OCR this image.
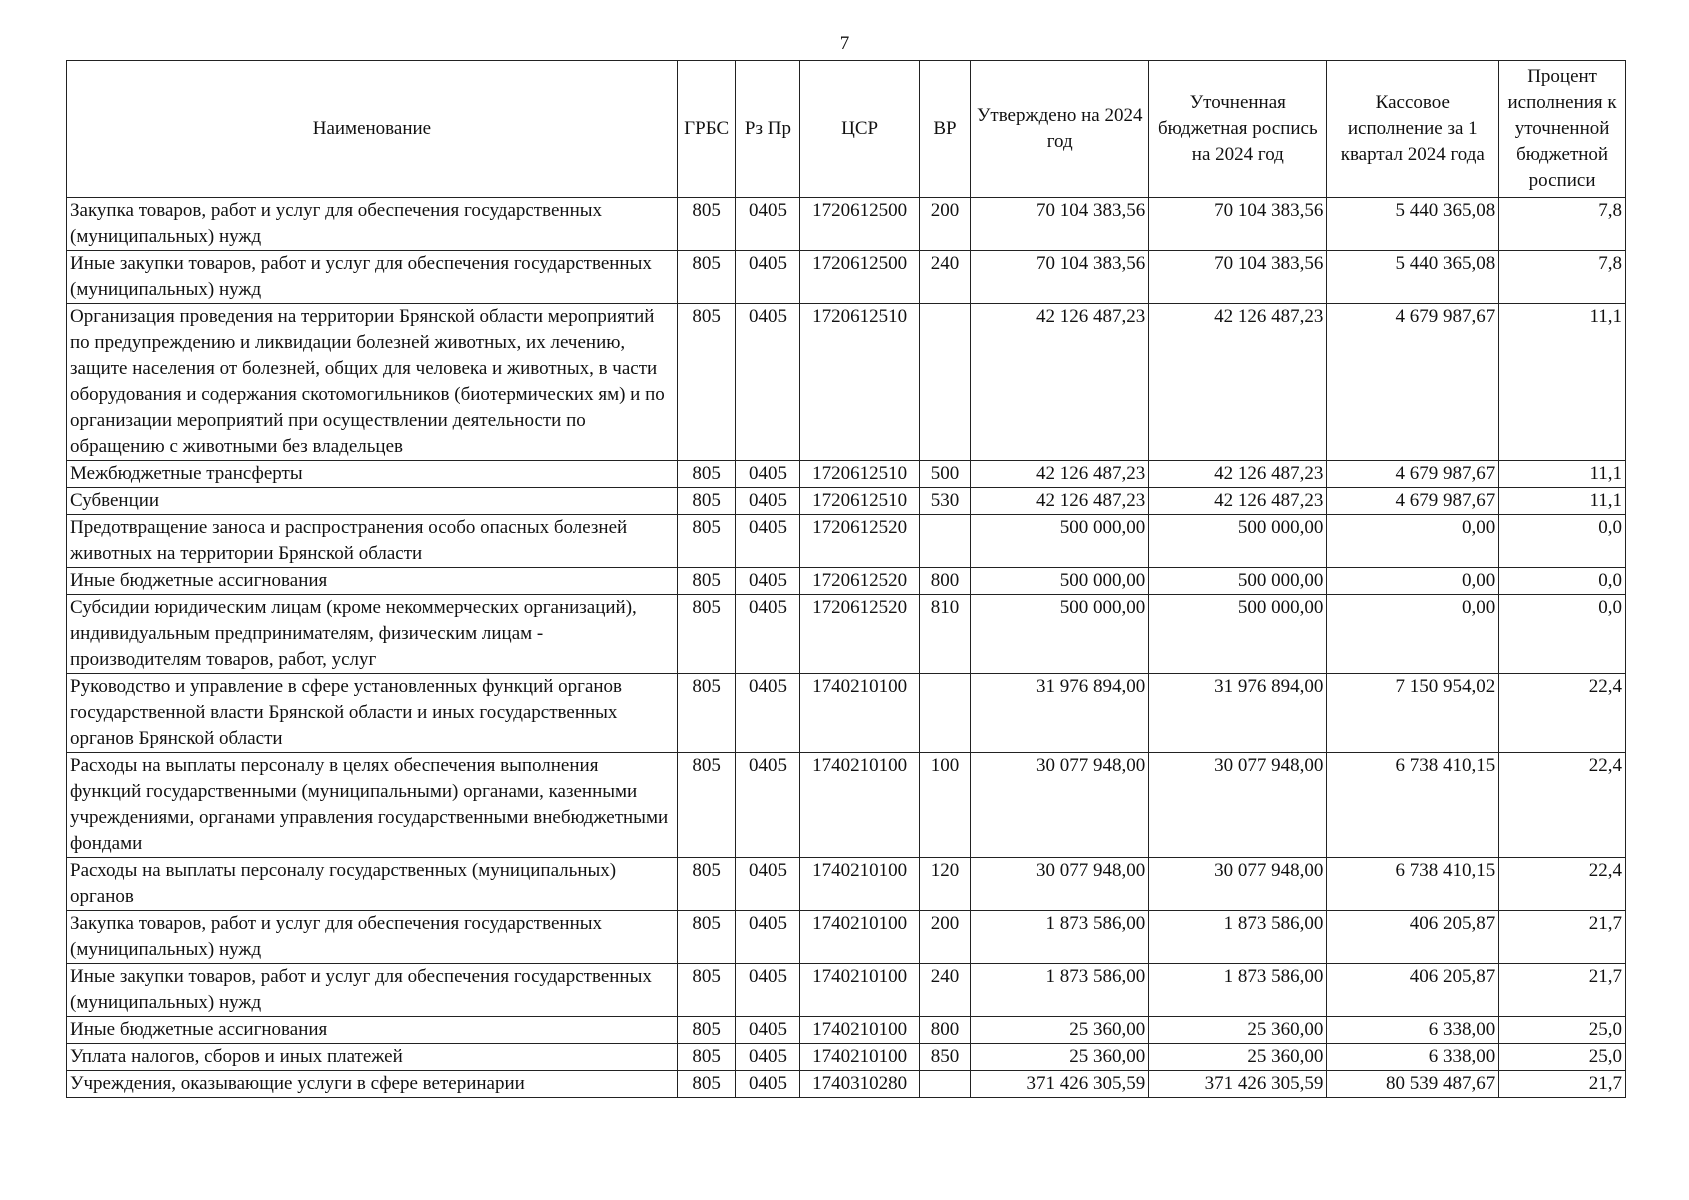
7
Наименование	ГРБС	Рз Пр	ЦСР	ВР	Утверждено на 2024 год	Уточненная бюджетная роспись на 2024 год	Кассовое исполнение за 1 квартал 2024 года	Процент исполнения к уточненной бюджетной росписи
Закупка товаров, работ и услуг для обеспечения государственных (муниципальных) нужд	805	0405	1720612500	200	70 104 383,56	70 104 383,56	5 440 365,08	7,8
Иные закупки товаров, работ и услуг для обеспечения государственных (муниципальных) нужд	805	0405	1720612500	240	70 104 383,56	70 104 383,56	5 440 365,08	7,8
Организация проведения на территории Брянской области мероприятий по предупреждению и ликвидации болезней животных, их лечению, защите населения от болезней, общих для человека и животных, в части оборудования и содержания скотомогильников (биотермических ям) и по организации мероприятий при осуществлении деятельности по обращению с животными без владельцев	805	0405	1720612510		42 126 487,23	42 126 487,23	4 679 987,67	11,1
Межбюджетные трансферты	805	0405	1720612510	500	42 126 487,23	42 126 487,23	4 679 987,67	11,1
Субвенции	805	0405	1720612510	530	42 126 487,23	42 126 487,23	4 679 987,67	11,1
Предотвращение заноса и распространения особо опасных болезней животных на территории Брянской области	805	0405	1720612520		500 000,00	500 000,00	0,00	0,0
Иные бюджетные ассигнования	805	0405	1720612520	800	500 000,00	500 000,00	0,00	0,0
Субсидии юридическим лицам (кроме некоммерческих организаций), индивидуальным предпринимателям, физическим лицам - производителям товаров, работ, услуг	805	0405	1720612520	810	500 000,00	500 000,00	0,00	0,0
Руководство и управление в сфере установленных функций органов государственной власти Брянской области и иных государственных органов Брянской области	805	0405	1740210100		31 976 894,00	31 976 894,00	7 150 954,02	22,4
Расходы на выплаты персоналу в целях обеспечения выполнения функций государственными (муниципальными) органами, казенными учреждениями, органами управления государственными внебюджетными фондами	805	0405	1740210100	100	30 077 948,00	30 077 948,00	6 738 410,15	22,4
Расходы на выплаты персоналу государственных (муниципальных) органов	805	0405	1740210100	120	30 077 948,00	30 077 948,00	6 738 410,15	22,4
Закупка товаров, работ и услуг для обеспечения государственных (муниципальных) нужд	805	0405	1740210100	200	1 873 586,00	1 873 586,00	406 205,87	21,7
Иные закупки товаров, работ и услуг для обеспечения государственных (муниципальных) нужд	805	0405	1740210100	240	1 873 586,00	1 873 586,00	406 205,87	21,7
Иные бюджетные ассигнования	805	0405	1740210100	800	25 360,00	25 360,00	6 338,00	25,0
Уплата налогов, сборов и иных платежей	805	0405	1740210100	850	25 360,00	25 360,00	6 338,00	25,0
Учреждения, оказывающие услуги в сфере ветеринарии	805	0405	1740310280		371 426 305,59	371 426 305,59	80 539 487,67	21,7
